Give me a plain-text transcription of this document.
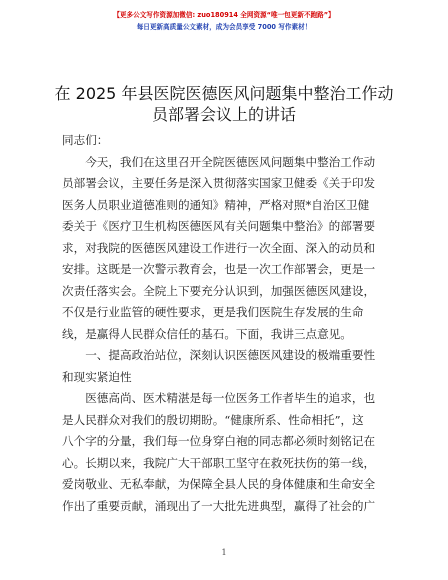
【更多公文写作资源加微信: zuo180914 全网资源“唯一包更新不跑路”】
每日更新高质量公文素材，成为会员享受 7000 写作素材！
在 2025 年县医院医德医风问题集中整治工作动
员部署会议上的讲话
同志们：
今天，我们在这里召开全院医德医风问题集中整治工作动
员部署会议，主要任务是深入贯彻落实国家卫健委《关于印发
医务人员职业道德准则的通知》精神，严格对照*自治区卫健
委关于《医疗卫生机构医德医风有关问题集中整治》的部署要
求，对我院的医德医风建设工作进行一次全面、深入的动员和
安排。这既是一次警示教育会，也是一次工作部署会，更是一
次责任落实会。全院上下要充分认识到，加强医德医风建设，
不仅是行业监管的硬性要求，更是我们医院生存发展的生命
线，是赢得人民群众信任的基石。下面，我讲三点意见。
一、提高政治站位，深刻认识医德医风建设的极端重要性
和现实紧迫性
医德高尚、医术精湛是每一位医务工作者毕生的追求，也
是人民群众对我们的殷切期盼。“健康所系、性命相托”，这
八个字的分量，我们每一位身穿白袍的同志都必须时刻铭记在
心。长期以来，我院广大干部职工坚守在救死扶伤的第一线，
爱岗敬业、无私奉献，为保障全县人民的身体健康和生命安全
作出了重要贡献，涌现出了一大批先进典型，赢得了社会的广
1
